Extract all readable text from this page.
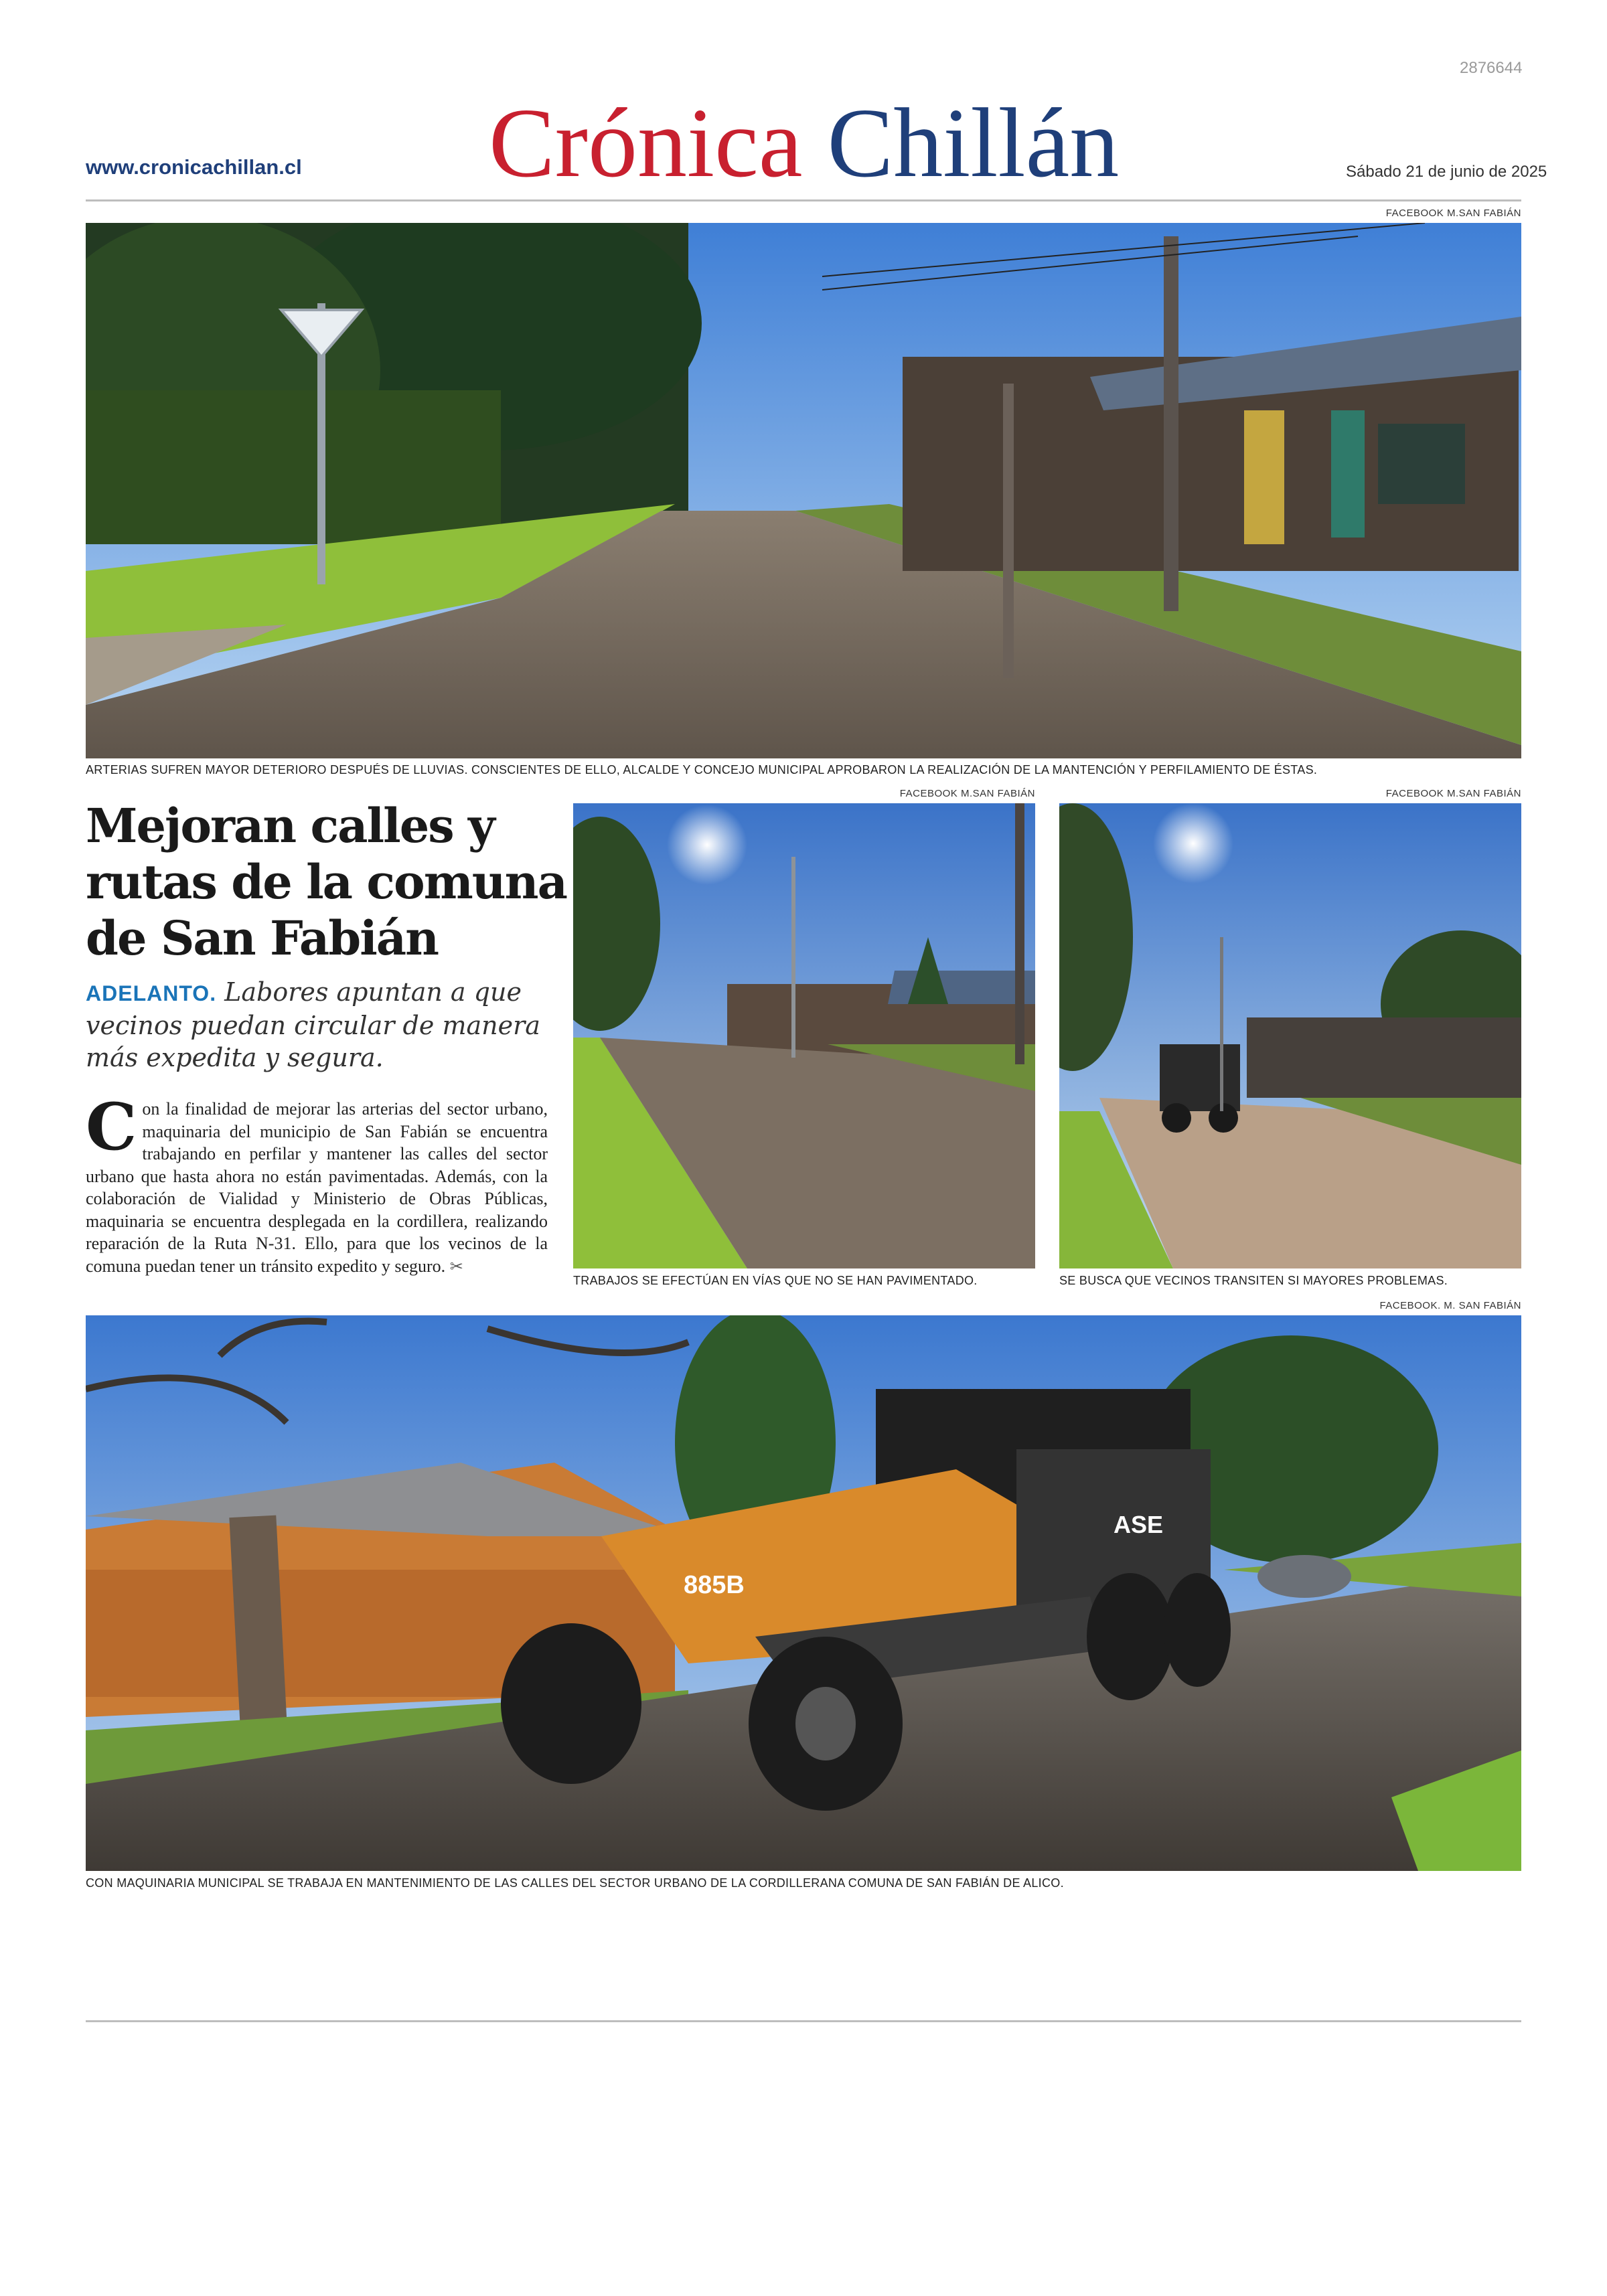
2876644
www.cronicachillan.cl Crónica Chillán	Sábado 21 de junio de 2025
FACEBOOK M.SAN FABIÁN
ARTERIAS SUFREN MAYOR DETERIORO DESPUÉS DE LLUVIAS. CONSCIENTES DE ELLO, ALCALDE Y CONCEJO MUNICIPAL APROBARON LA REALIZACIÓN DE LA MANTENCIÓN Y PERFILAMIENTO DE ÉSTAS.
Mejoran calles y
rutas de la comuna
de San Fabián
ADELANTO. Labores apuntan a que vecinos puedan circular de manera más expedita y segura.
Con la finalidad de mejorar las arterias del sector urbano, maquinaria del municipio de San Fabián se encuentra trabajando en perfilar y mantener las calles del sector urbano que hasta ahora no están pavimentadas. Además, con la colaboración de Vialidad y Ministerio de Obras Públicas, maquinaria se encuentra desplegada en la cordillera, realizando reparación de la Ruta N-31. Ello, para que los vecinos de la comuna puedan tener un tránsito expedito y seguro. ✂
FACEBOOK M.SAN FABIÁN
TRABAJOS SE EFECTÚAN EN VÍAS QUE NO SE HAN PAVIMENTADO.
FACEBOOK M.SAN FABIÁN
SE BUSCA QUE VECINOS TRANSITEN SI MAYORES PROBLEMAS.
FACEBOOK. M. SAN FABIÁN
885B
ASE
CON MAQUINARIA MUNICIPAL SE TRABAJA EN MANTENIMIENTO DE LAS CALLES DEL SECTOR URBANO DE LA CORDILLERANA COMUNA DE SAN FABIÁN DE ALICO.
